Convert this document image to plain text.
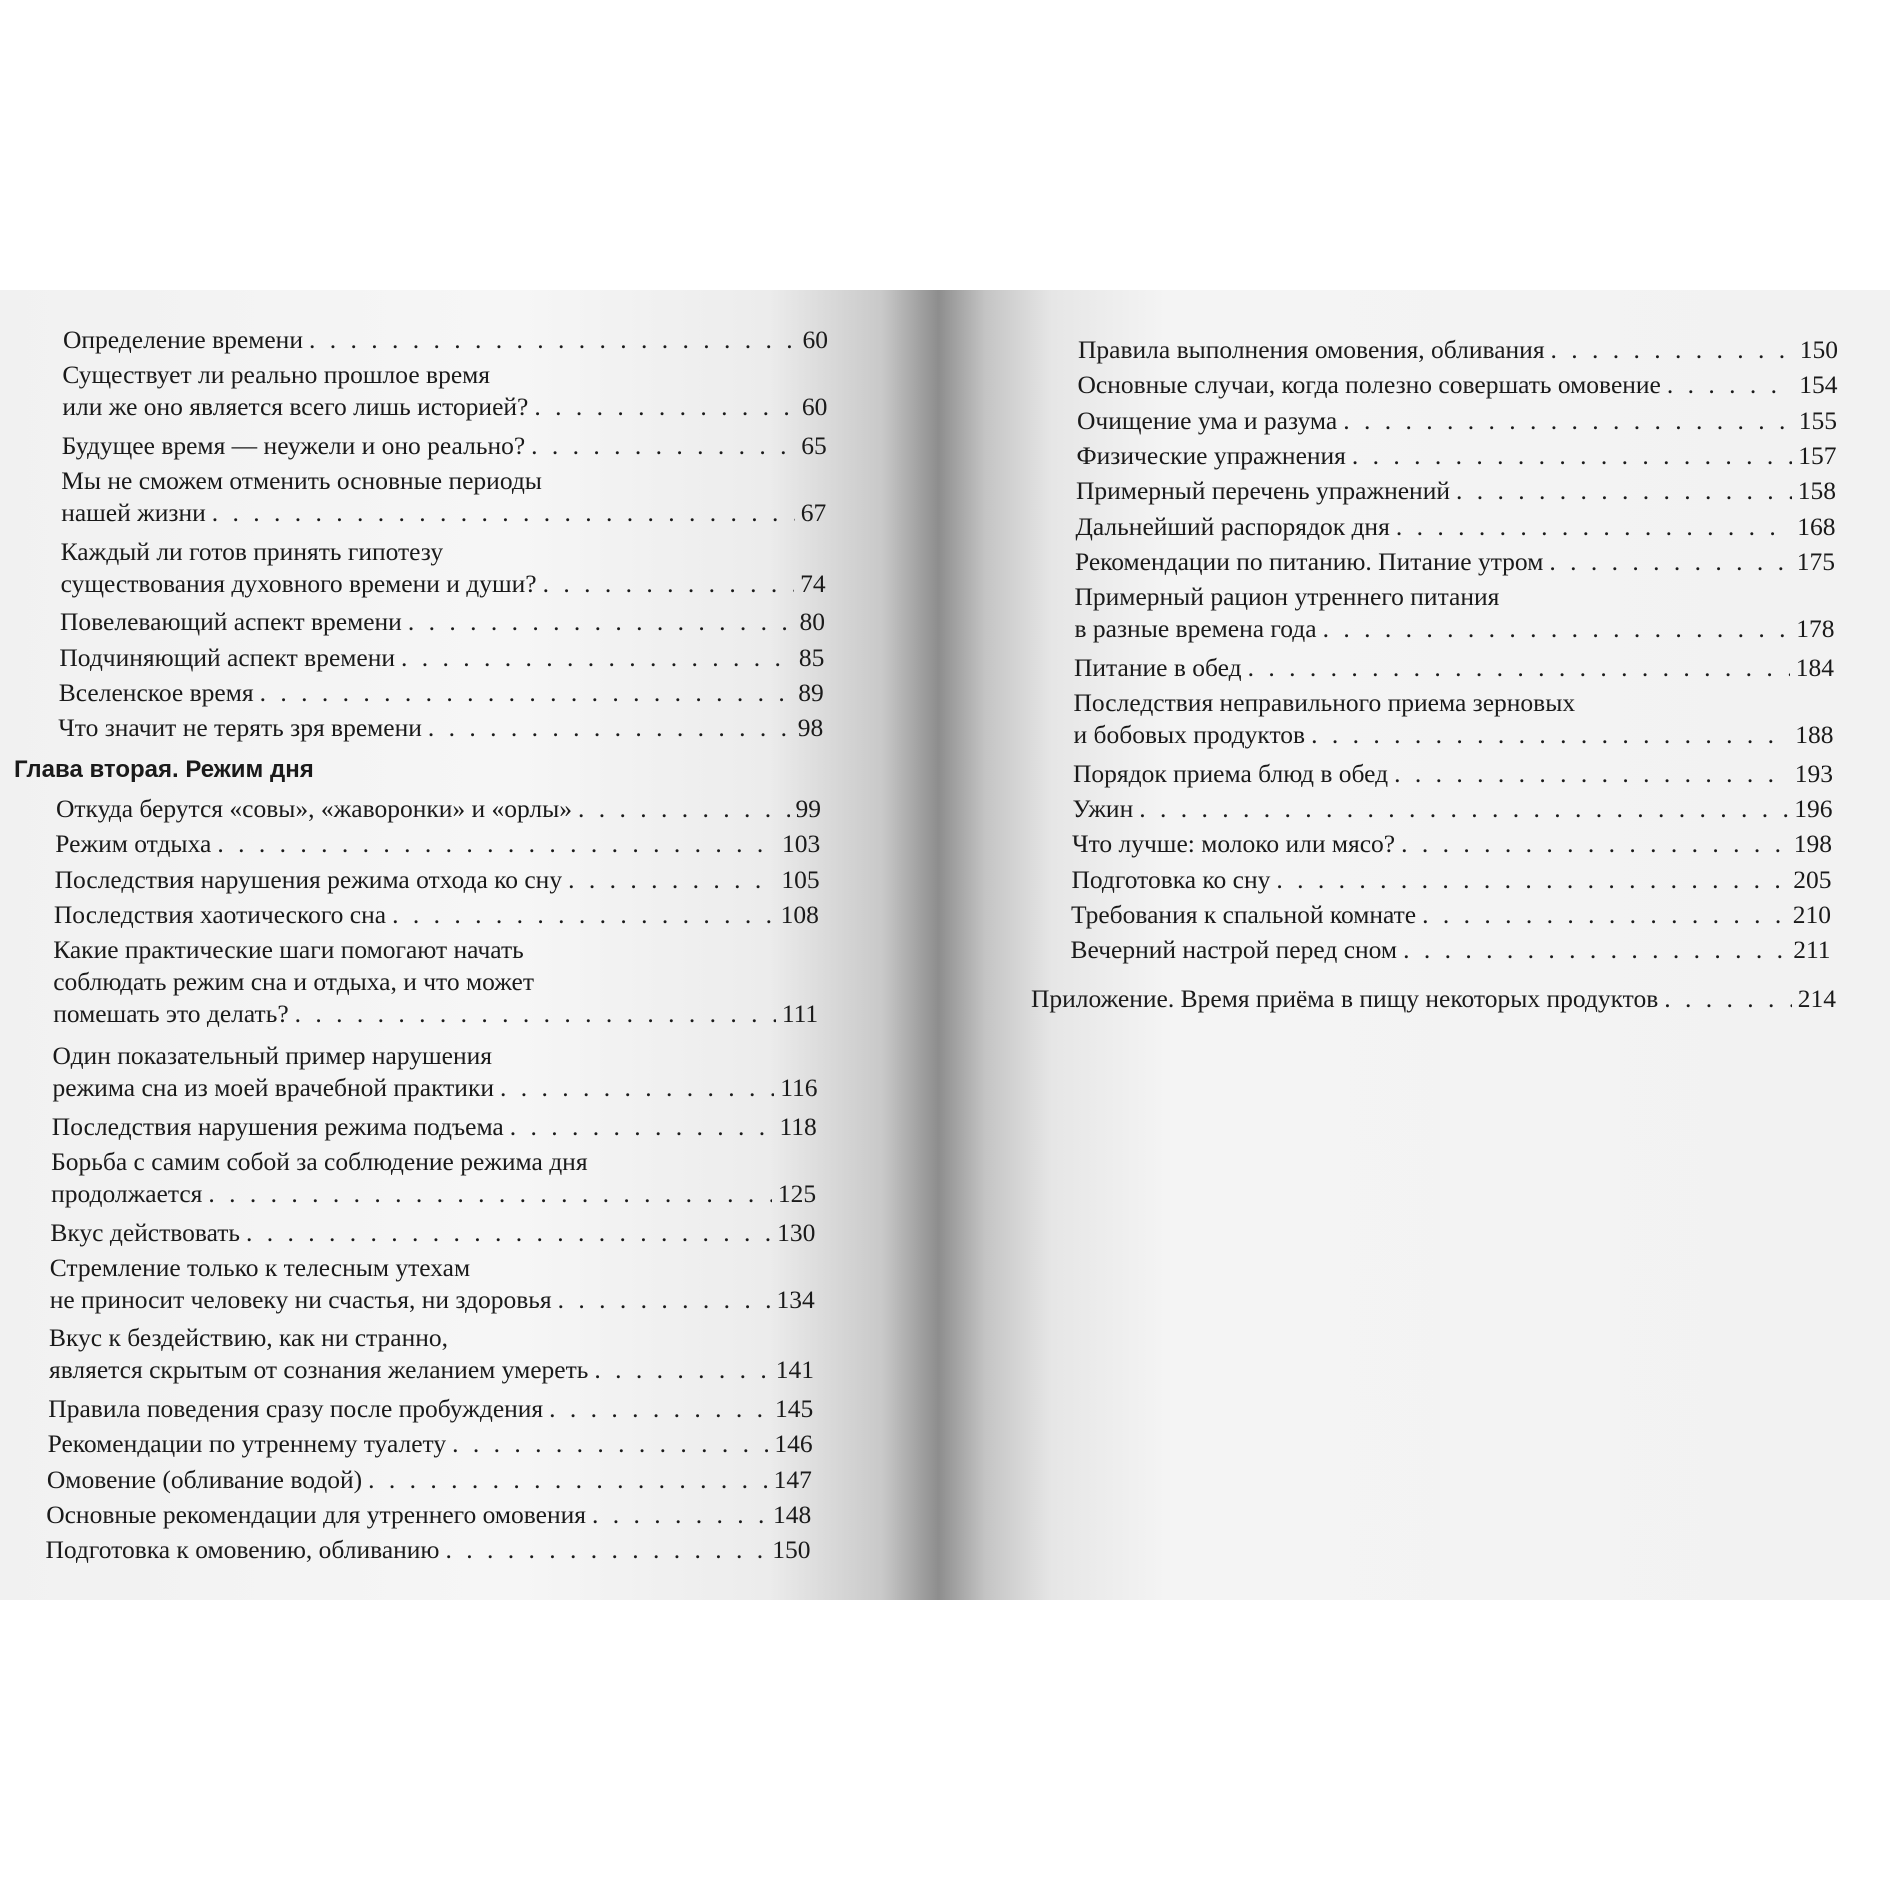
Определение времени . . .	60
Существует ли реально прошлое время
или же оно является всего лишь историей? . . .	60
Будущее время — неужели и оно реально? . . .	65
Мы не сможем отменить основные периоды
нашей жизни . . .	67
Каждый ли готов принять гипотезу
существования духовного времени и души? . . .	74
Повелевающий аспект времени . . .	80
Подчиняющий аспект времени . . .	85
Вселенское время . . .	89
Что значит не терять зря времени . . .	98
Глава вторая. Режим дня
Откуда берутся «совы», «жаворонки» и «орлы» . . .	99
Режим отдыха . . .	103
Последствия нарушения режима отхода ко сну . . .	105
Последствия хаотического сна . . .	108
Какие практические шаги помогают начать
соблюдать режим сна и отдыха, и что может
помешать это делать? . . .	111
Один показательный пример нарушения
режима сна из моей врачебной практики . . .	116
Последствия нарушения режима подъема . . .	118
Борьба с самим собой за соблюдение режима дня
продолжается . . .	125
Вкус действовать . . .	130
Стремление только к телесным утехам
не приносит человеку ни счастья, ни здоровья . . .	134
Вкус к бездействию, как ни странно,
является скрытым от сознания желанием умереть . . .	141
Правила поведения сразу после пробуждения . . .	145
Рекомендации по утреннему туалету . . .	146
Омовение (обливание водой) . . .	147
Основные рекомендации для утреннего омовения . . .	148
Подготовка к омовению, обливанию . . .	150
Правила выполнения омовения, обливания . . .	150
Основные случаи, когда полезно совершать омовение . . .	154
Очищение ума и разума . . .	155
Физические упражнения . . .	157
Примерный перечень упражнений . . .	158
Дальнейший распорядок дня . . .	168
Рекомендации по питанию. Питание утром . . .	175
Примерный рацион утреннего питания
в разные времена года . . .	178
Питание в обед . . .	184
Последствия неправильного приема зерновых
и бобовых продуктов . . .	188
Порядок приема блюд в обед . . .	193
Ужин . . .	196
Что лучше: молоко или мясо? . . .	198
Подготовка ко сну . . .	205
Требования к спальной комнате . . .	210
Вечерний настрой перед сном . . .	211
Приложение. Время приёма в пищу некоторых продуктов . . .	214
